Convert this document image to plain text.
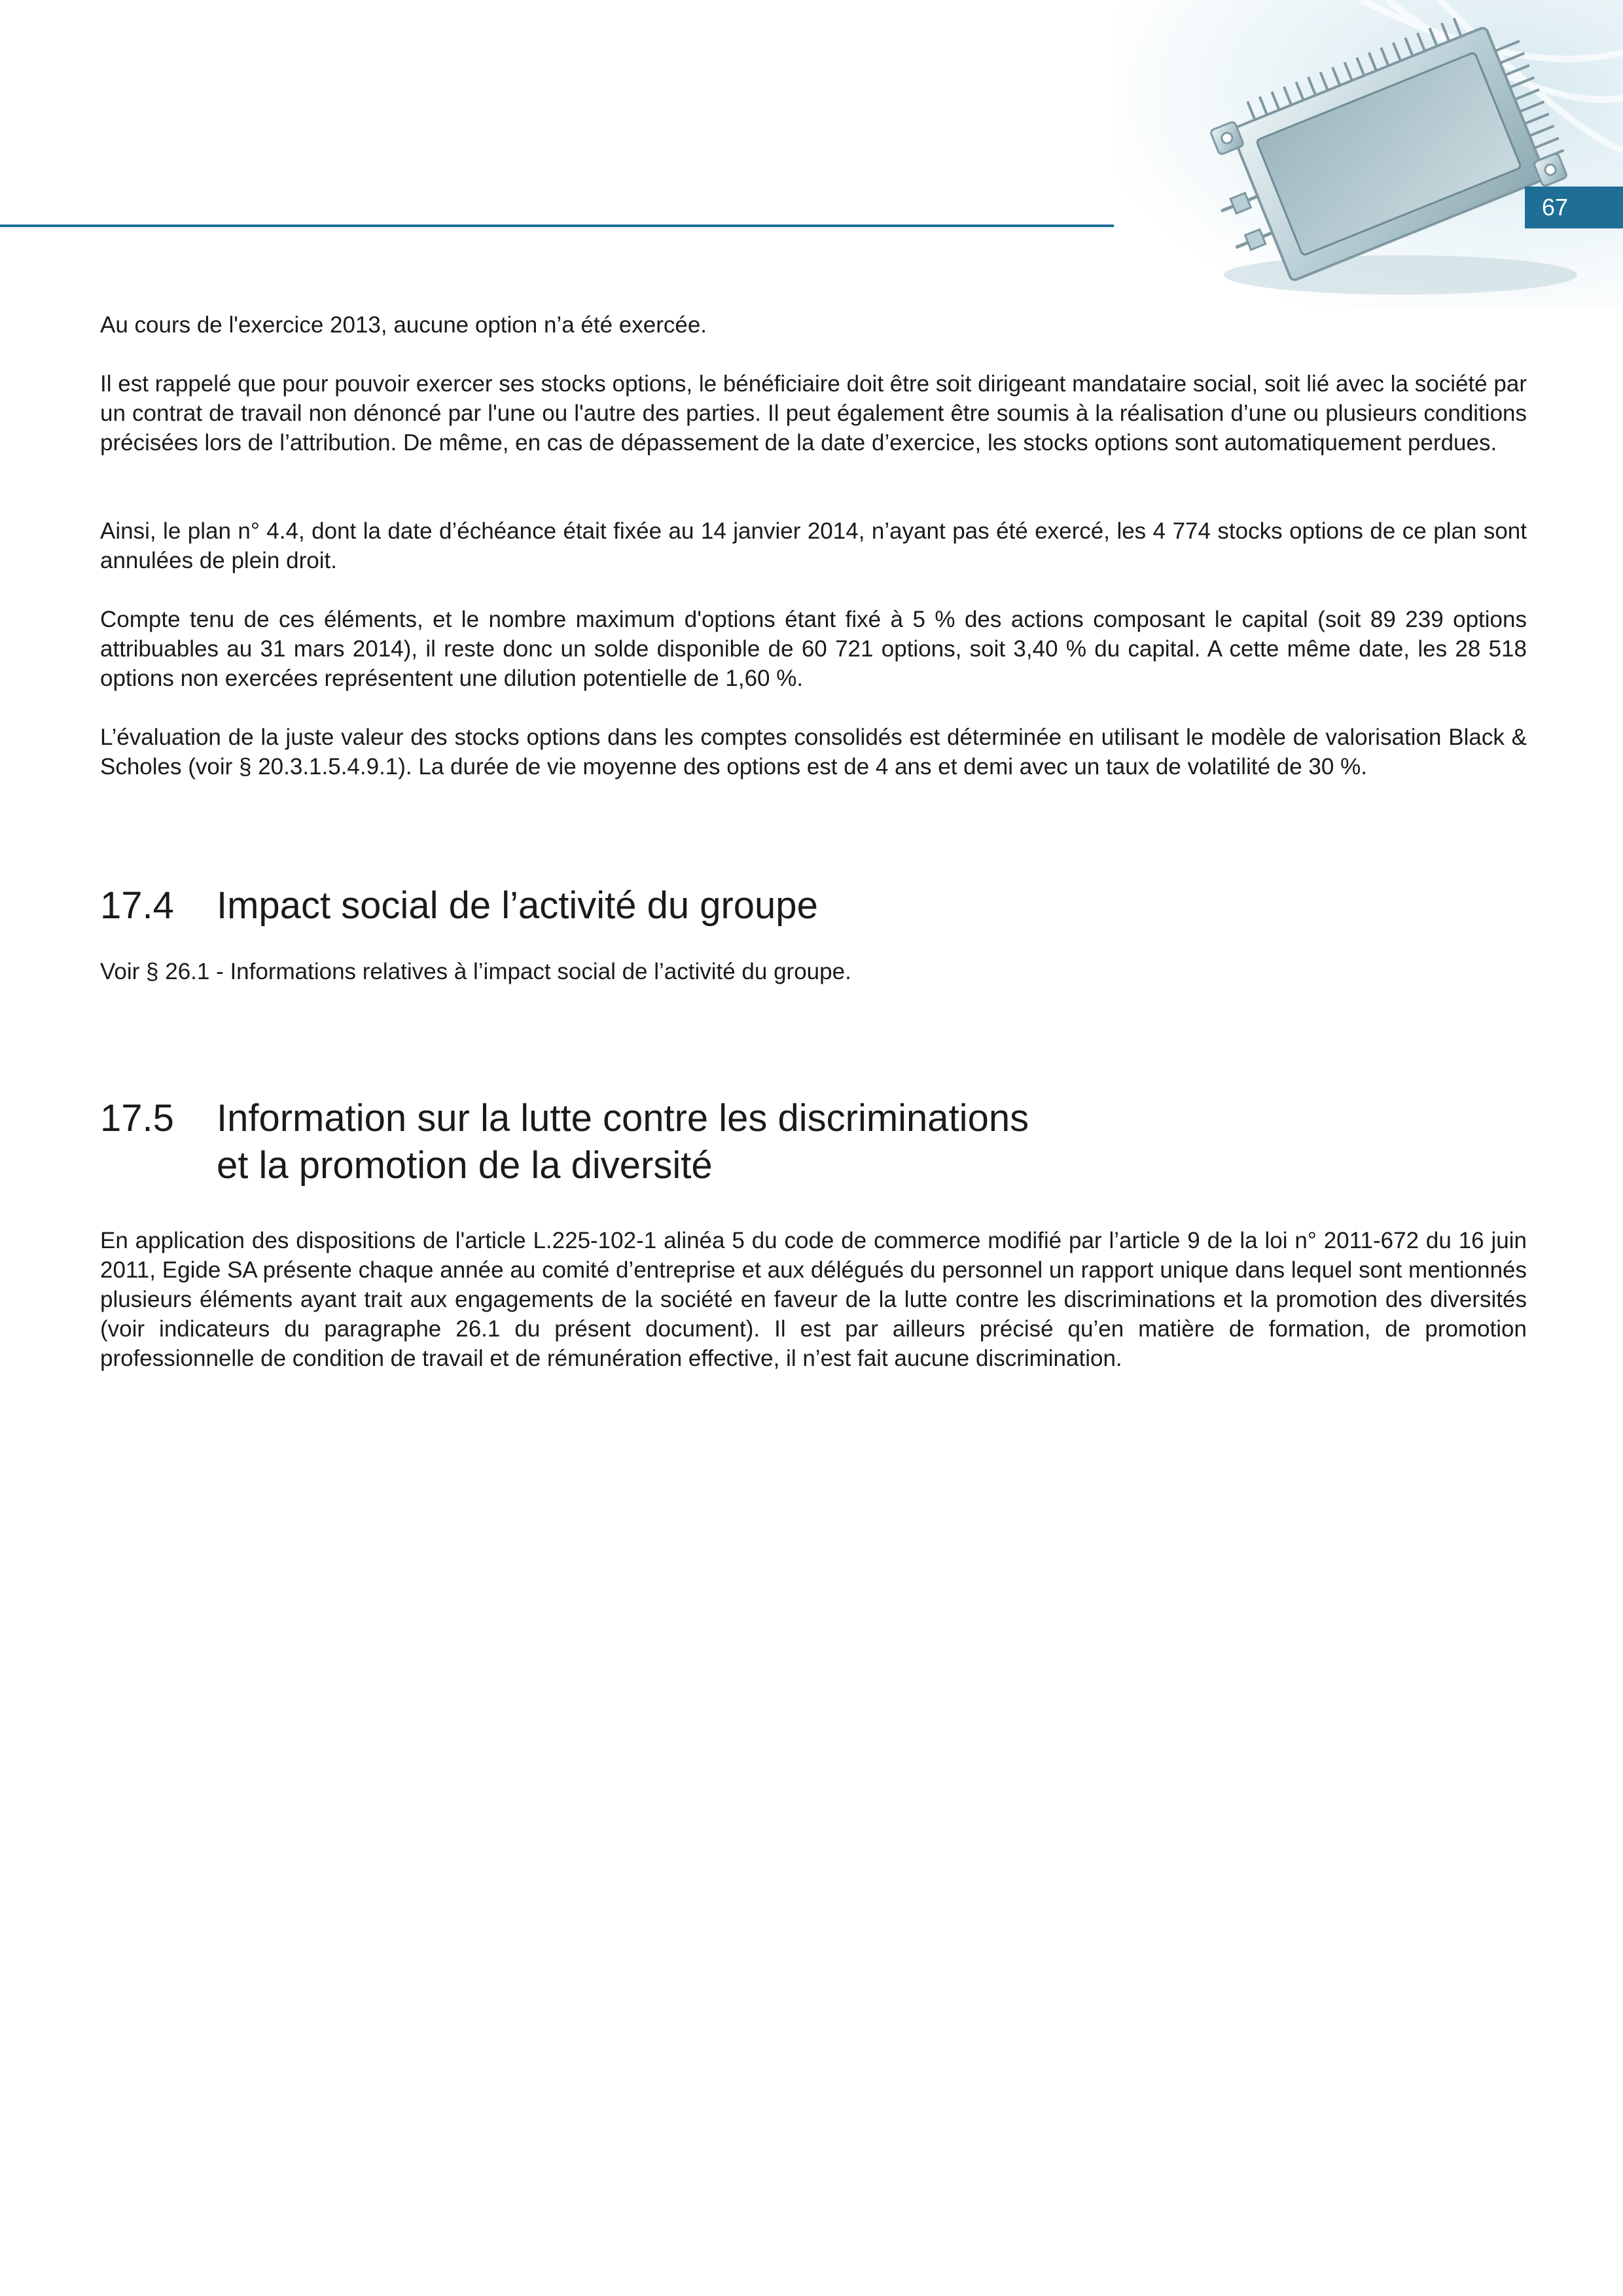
67

Au cours de l'exercice 2013, aucune option n’a été exercée.

Il est rappelé que pour pouvoir exercer ses stocks options, le bénéficiaire doit être soit dirigeant mandataire social, soit lié avec la société par un contrat de travail non dénoncé par l'une ou l'autre des parties. Il peut également être soumis à la réalisation d’une ou plusieurs conditions précisées lors de l’attribution. De même, en cas de dépassement de la date d’exercice, les stocks options sont automatiquement perdues.

Ainsi, le plan n° 4.4, dont la date d’échéance était fixée au 14 janvier 2014, n’ayant pas été exercé, les 4 774 stocks options de ce plan sont annulées de plein droit.

Compte tenu de ces éléments, et le nombre maximum d'options étant fixé à 5 % des actions composant le capital (soit 89 239 options attribuables au 31 mars 2014), il reste donc un solde disponible de 60 721 options, soit 3,40 % du capital. A cette même date, les 28 518 options non exercées représentent une dilution potentielle de 1,60 %.

L’évaluation de la juste valeur des stocks options dans les comptes consolidés est déterminée en utilisant le modèle de valorisation Black & Scholes (voir § 20.3.1.5.4.9.1). La durée de vie moyenne des options est de 4 ans et demi avec un taux de volatilité de 30 %.

17.4 Impact social de l’activité du groupe

Voir § 26.1 - Informations relatives à l’impact social de l’activité du groupe.

17.5 Information sur la lutte contre les discriminations
et la promotion de la diversité

En application des dispositions de l'article L.225-102-1 alinéa 5 du code de commerce modifié par l’article 9 de la loi n° 2011-672 du 16 juin 2011, Egide SA présente chaque année au comité d’entreprise et aux délégués du personnel un rapport unique dans lequel sont mentionnés plusieurs éléments ayant trait aux engagements de la société en faveur de la lutte contre les discriminations et la promotion des diversités (voir indicateurs du paragraphe 26.1 du présent document). Il est par ailleurs précisé qu’en matière de formation, de promotion professionnelle de condition de travail et de rémunération effective, il n’est fait aucune discrimination.
